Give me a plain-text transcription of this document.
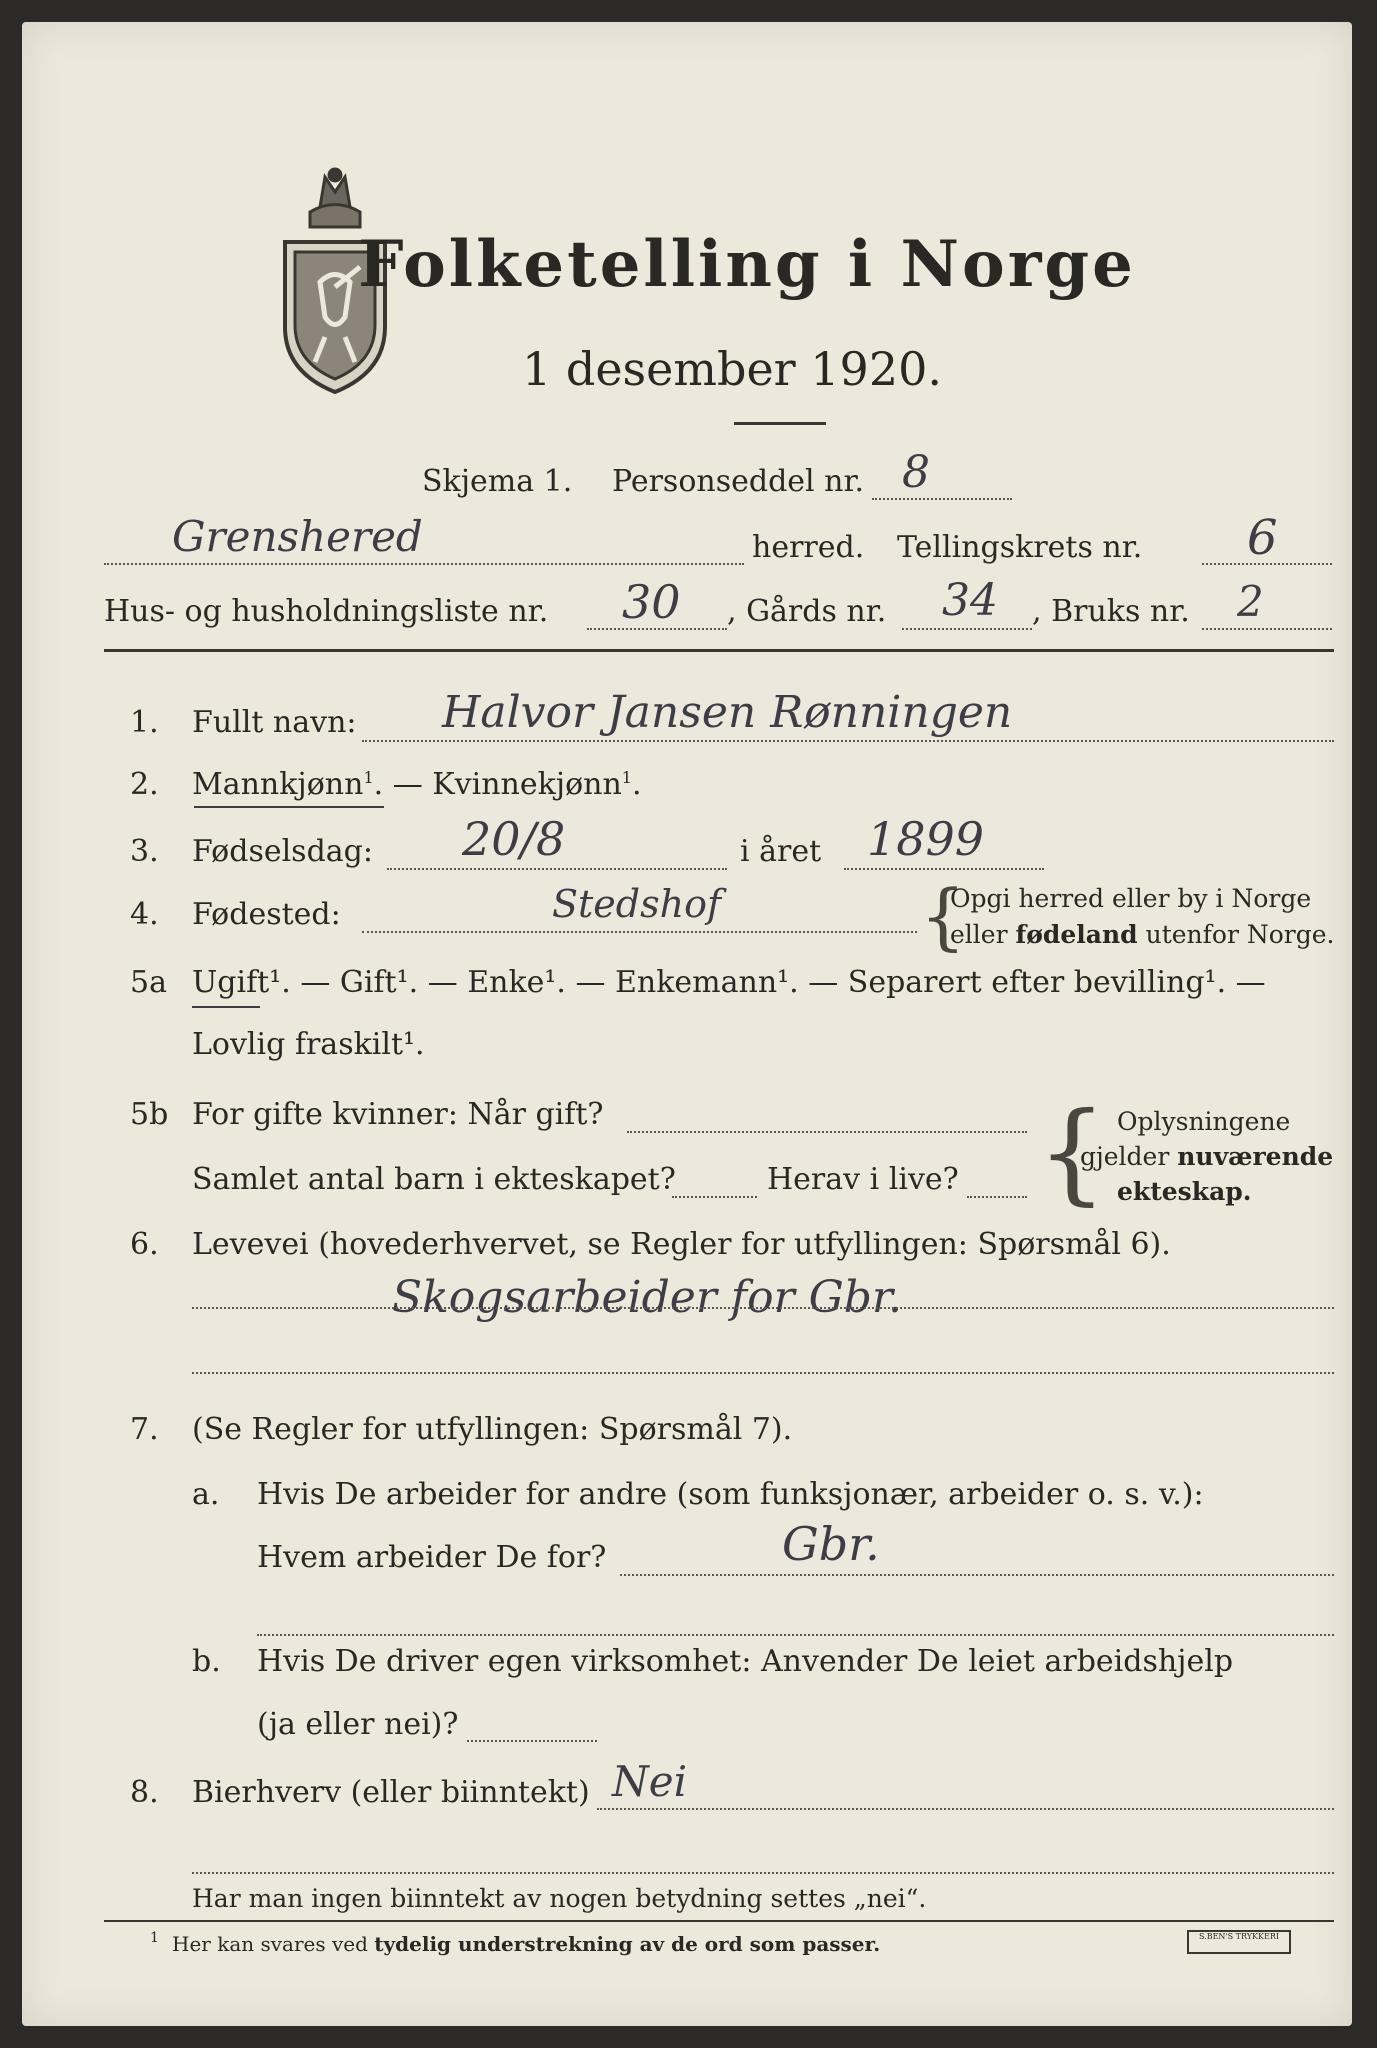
Folketelling i Norge
1 desember 1920.
Skjema 1. Personseddel nr. 8
Grenshered	herred. Tellingskrets nr. 6
Hus- og husholdningsliste nr. 30 , Gårds nr. 34 , Bruks nr. 2
1. Fullt navn: Halvor Jansen Rønningen
2. Mannkjønn$^1$. — Kvinnekjønn$^1$.
3. Fødselsdag: 20/8	i året 1899
4. Fødested:	Stedshof	{
Opgi herred eller by i Norge
eller fødeland utenfor Norge.
5a Ugift¹. — Gift¹. — Enke¹. — Enkemann¹. — Separert efter bevilling¹. —
Lovlig fraskilt¹.
5b For gifte kvinner: Når gift?
Samlet antal barn i ekteskapet?	Herav i live? { Oplysningene
gjelder nuværende
ekteskap.
6. Levevei (hovederhvervet, se Regler for utfyllingen: Spørsmål 6).
Skogsarbeider for Gbr.
7. (Se Regler for utfyllingen: Spørsmål 7).
a. Hvis De arbeider for andre (som funksjonær, arbeider o. s. v.):
Hvem arbeider De for?	Gbr.
b. Hvis De driver egen virksomhet: Anvender De leiet arbeidshjelp
(ja eller nei)?
8. Bierhverv (eller biinntekt) Nei
Har man ingen biinntekt av nogen betydning settes „nei“.
1 Her kan svares ved tydelig understrekning av de ord som passer.	S.BEN'S TRYKKERI
